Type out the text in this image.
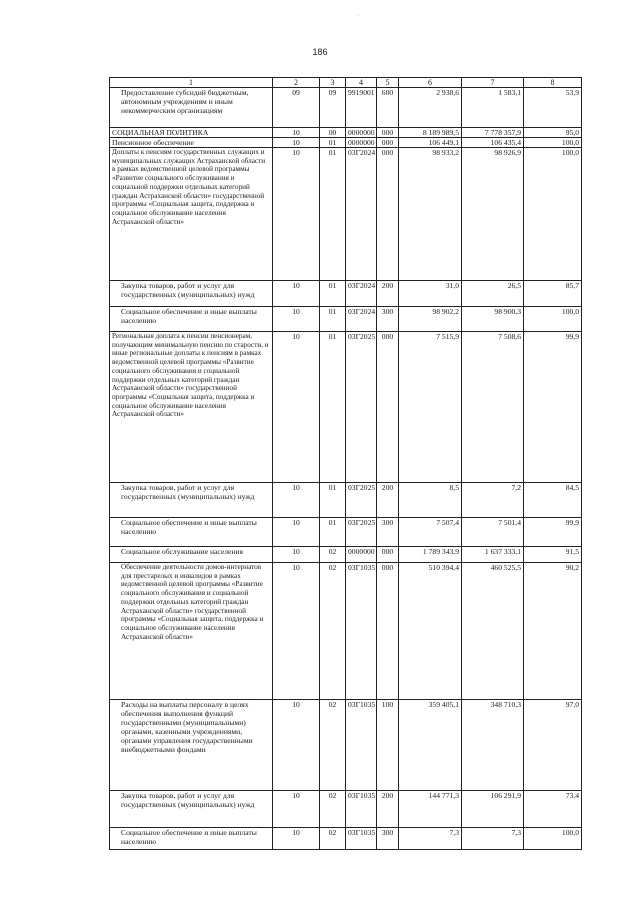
·
186
1	2	3	4	5	6	7	8
Предоставление субсидий бюджетным, автономным учреждениям и иным некоммерческим организациям	09	09	9919001	600	2 938,6	1 583,1	53,9
СОЦИАЛЬНАЯ ПОЛИТИКА	10	00	0000000	000	8 189 989,5	7 778 357,9	95,0
Пенсионное обеспечение	10	01	0000000	000	106 449,1	106 435,4	100,0
Доплаты к пенсиям государственных служащих и муниципальных служащих Астраханской области в рамках ведомственной целевой программы «Развитие социального обслуживания и социальной поддержки отдельных категорий граждан Астраханской области» государственной программы «Социальная защита, поддержка и социальное обслуживание населения Астраханской области»	10	01	03Г2024	000	98 933,2	98 926,9	100,0
Закупка товаров, работ и услуг для государственных (муниципальных) нужд	10	01	03Г2024	200	31,0	26,5	85,7
Социальное обеспечение и иные выплаты населению	10	01	03Г2024	300	98 902,2	98 900,3	100,0
Региональная доплата к пенсии пенсионерам, получающим минимальную пенсию по старости, и иные региональные доплаты к пенсиям в рамках ведомственной целевой программы «Развитие социального обслуживания и социальной поддержки отдельных категорий граждан Астраханской области» государственной программы «Социальная защита, поддержка и социальное обслуживание населения Астраханской области»	10	01	03Г2025	000	7 515,9	7 508,6	99,9
Закупка товаров, работ и услуг для государственных (муниципальных) нужд	10	01	03Г2025	200	8,5	7,2	84,5
Социальное обеспечение и иные выплаты населению	10	01	03Г2025	300	7 507,4	7 501,4	99,9
Социальное обслуживание населения	10	02	0000000	000	1 789 343,9	1 637 333,1	91,5
Обеспечение деятельности домов-интернатов для престарелых и инвалидов в рамках ведомственной целевой программы «Развитие социального обслуживания и социальной поддержки отдельных категорий граждан Астраханской области» государственной программы «Социальная защита, поддержка и социальное обслуживание населения Астраханской области»	10	02	03Г1035	000	510 394,4	460 525,5	90,2
Расходы на выплаты персоналу в целях обеспечения выполнения функций государственными (муниципальными) органами, казенными учреждениями, органами управления государственными внебюджетными фондами	10	02	03Г1035	100	359 405,1	348 710,3	97,0
Закупка товаров, работ и услуг для государственных (муниципальных) нужд	10	02	03Г1035	200	144 771,3	106 291,9	73,4
Социальное обеспечение и иные выплаты населению	10	02	03Г1035	300	7,3	7,3	100,0
